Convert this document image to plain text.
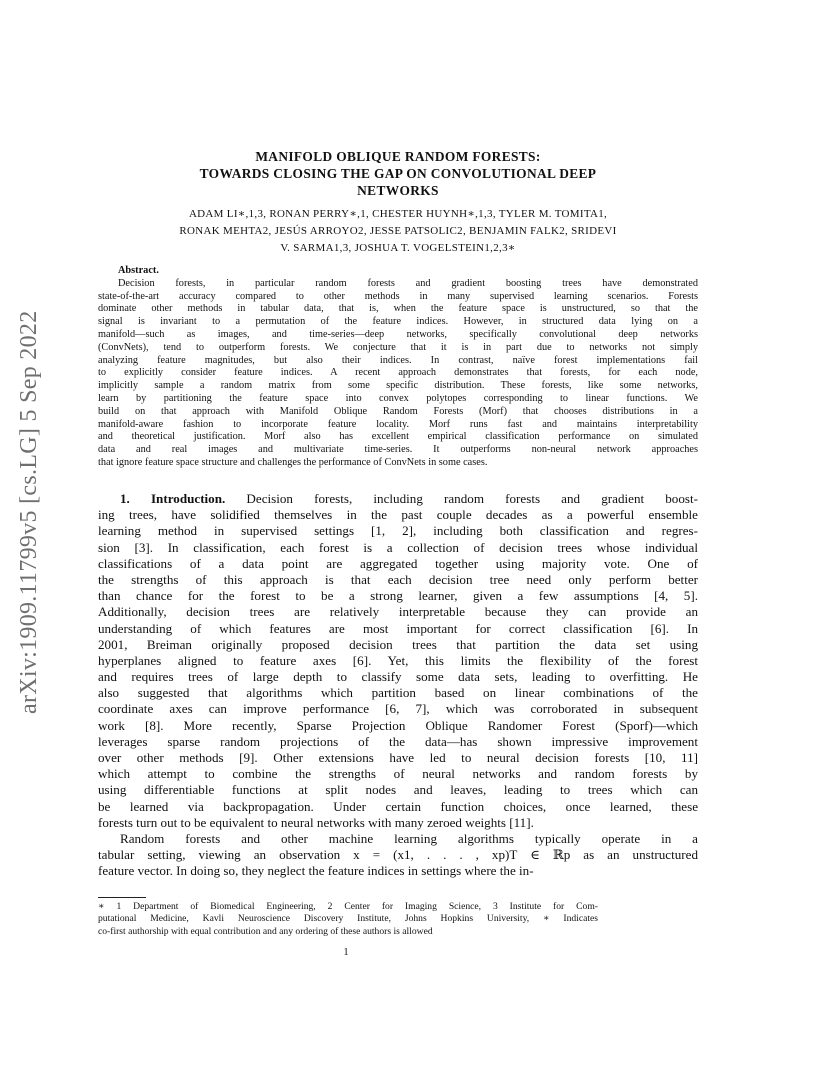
arXiv:1909.11799v5 [cs.LG] 5 Sep 2022
MANIFOLD OBLIQUE RANDOM FORESTS:
TOWARDS CLOSING THE GAP ON CONVOLUTIONAL DEEP
NETWORKS
ADAM LI∗,1,3, RONAN PERRY∗,1, CHESTER HUYNH∗,1,3, TYLER M. TOMITA1,
RONAK MEHTA2, JESÚS ARROYO2, JESSE PATSOLIC2, BENJAMIN FALK2, SRIDEVI
V. SARMA1,3, JOSHUA T. VOGELSTEIN1,2,3∗
Abstract.
Decision forests, in particular random forests and gradient boosting trees have demonstrated
state-of-the-art accuracy compared to other methods in many supervised learning scenarios. Forests
dominate other methods in tabular data, that is, when the feature space is unstructured, so that the
signal is invariant to a permutation of the feature indices. However, in structured data lying on a
manifold—such as images, and time-series—deep networks, specifically convolutional deep networks
(ConvNets), tend to outperform forests. We conjecture that it is in part due to networks not simply
analyzing feature magnitudes, but also their indices. In contrast, naïve forest implementations fail
to explicitly consider feature indices. A recent approach demonstrates that forests, for each node,
implicitly sample a random matrix from some specific distribution. These forests, like some networks,
learn by partitioning the feature space into convex polytopes corresponding to linear functions. We
build on that approach with Manifold Oblique Random Forests (Morf) that chooses distributions in a
manifold-aware fashion to incorporate feature locality. Morf runs fast and maintains interpretability
and theoretical justification. Morf also has excellent empirical classification performance on simulated
data and real images and multivariate time-series. It outperforms non-neural network approaches
that ignore feature space structure and challenges the performance of ConvNets in some cases.
1. Introduction. Decision forests, including random forests and gradient boost-
ing trees, have solidified themselves in the past couple decades as a powerful ensemble
learning method in supervised settings [1, 2], including both classification and regres-
sion [3]. In classification, each forest is a collection of decision trees whose individual
classifications of a data point are aggregated together using majority vote. One of
the strengths of this approach is that each decision tree need only perform better
than chance for the forest to be a strong learner, given a few assumptions [4, 5].
Additionally, decision trees are relatively interpretable because they can provide an
understanding of which features are most important for correct classification [6]. In
2001, Breiman originally proposed decision trees that partition the data set using
hyperplanes aligned to feature axes [6]. Yet, this limits the flexibility of the forest
and requires trees of large depth to classify some data sets, leading to overfitting. He
also suggested that algorithms which partition based on linear combinations of the
coordinate axes can improve performance [6, 7], which was corroborated in subsequent
work [8]. More recently, Sparse Projection Oblique Randomer Forest (Sporf)—which
leverages sparse random projections of the data—has shown impressive improvement
over other methods [9]. Other extensions have led to neural decision forests [10, 11]
which attempt to combine the strengths of neural networks and random forests by
using differentiable functions at split nodes and leaves, leading to trees which can
be learned via backpropagation. Under certain function choices, once learned, these
forests turn out to be equivalent to neural networks with many zeroed weights [11].
Random forests and other machine learning algorithms typically operate in a
tabular setting, viewing an observation x = (x1, . . . , xp)T ∈ ℝp as an unstructured
feature vector. In doing so, they neglect the feature indices in settings where the in-
∗ 1 Department of Biomedical Engineering, 2 Center for Imaging Science, 3 Institute for Com-
putational Medicine, Kavli Neuroscience Discovery Institute, Johns Hopkins University, ∗ Indicates
co-first authorship with equal contribution and any ordering of these authors is allowed
1
